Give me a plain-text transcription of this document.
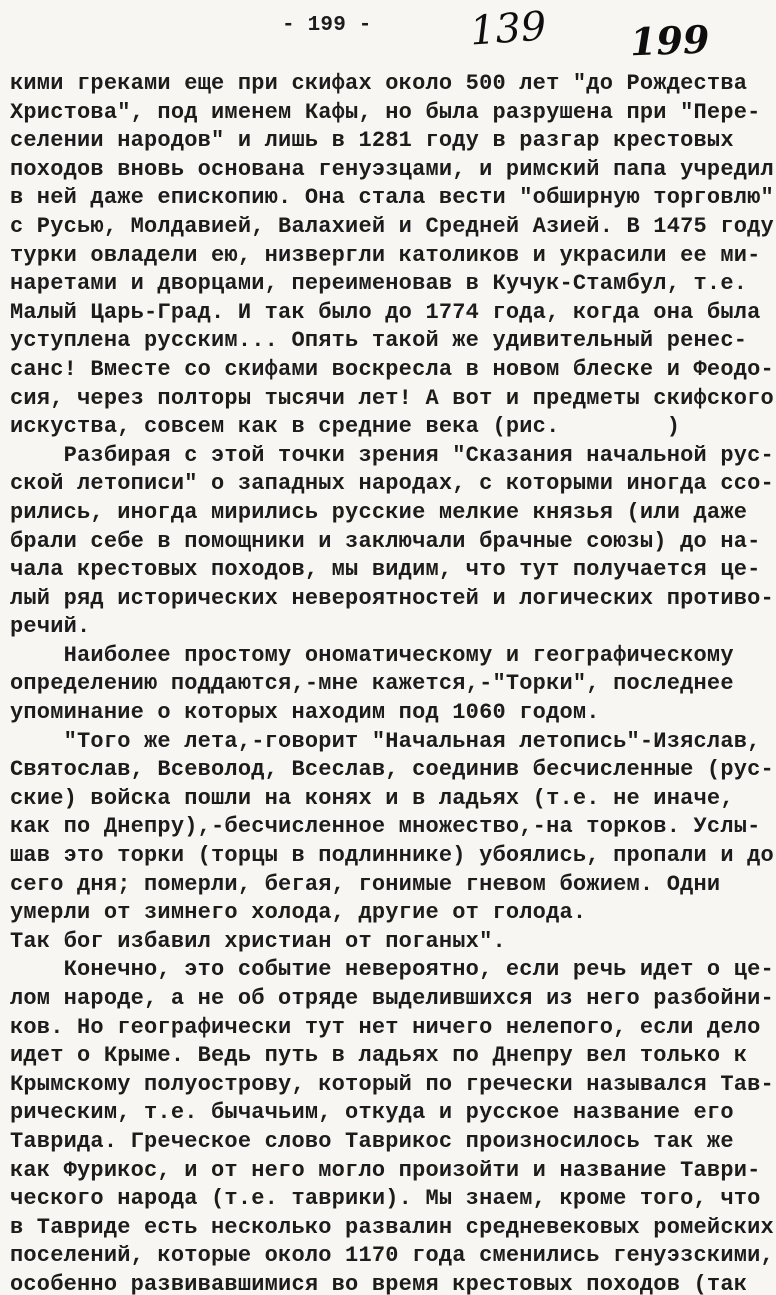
- 199 - 139 199
кими греками еще при скифах около 500 лет "до Рождества
Христова", под именем Кафы, но была разрушена при "Пере-
селении народов" и лишь в 1281 году в разгар крестовых
походов вновь основана генуэзцами, и римский папа учредил
в ней даже епископию. Она стала вести "обширную торговлю"
с Русью, Молдавией, Валахией и Средней Азией. В 1475 году
турки овладели ею, низвергли католиков и украсили ее ми-
наретами и дворцами, переименовав в Кучук-Стамбул, т.е.
Малый Царь-Град. И так было до 1774 года, когда она была
уступлена русским... Опять такой же удивительный ренес-
санс! Вместе со скифами воскресла в новом блеске и Феодо-
сия, через полторы тысячи лет! А вот и предметы скифского
искуства, совсем как в средние века (рис.        )
Разбирая с этой точки зрения "Сказания начальной рус-
ской летописи" о западных народах, с которыми иногда ссо-
рились, иногда мирились русские мелкие князья (или даже
брали себе в помощники и заключали брачные союзы) до на-
чала крестовых походов, мы видим, что тут получается це-
лый ряд исторических невероятностей и логических противо-
речий.
Наиболее простому ономатическому и географическому
определению поддаются,-мне кажется,-"Торки", последнее
упоминание о которых находим под 1060 годом.
"Того же лета,-говорит "Начальная летопись"-Изяслав,
Святослав, Всеволод, Всеслав, соединив бесчисленные (рус-
ские) войска пошли на конях и в ладьях (т.е. не иначе,
как по Днепру),-бесчисленное множество,-на торков. Услы-
шав это торки (торцы в подлиннике) убоялись, пропали и до
сего дня; померли, бегая, гонимые гневом божием. Одни
умерли от зимнего холода, другие от голода.
Так бог избавил христиан от поганых".
Конечно, это событие невероятно, если речь идет о це-
лом народе, а не об отряде выделившихся из него разбойни-
ков. Но географически тут нет ничего нелепого, если дело
идет о Крыме. Ведь путь в ладьях по Днепру вел только к
Крымскому полуострову, который по гречески назывался Тав-
рическим, т.е. бычачьим, откуда и русское название его
Таврида. Греческое слово Таврикос произносилось так же
как Фурикос, и от него могло произойти и название Таври-
ческого народа (т.е. таврики). Мы знаем, кроме того, что
в Тавриде есть несколько развалин средневековых ромейских
поселений, которые около 1170 года сменились генуэзскими,
особенно развивавшимися во время крестовых походов (так
